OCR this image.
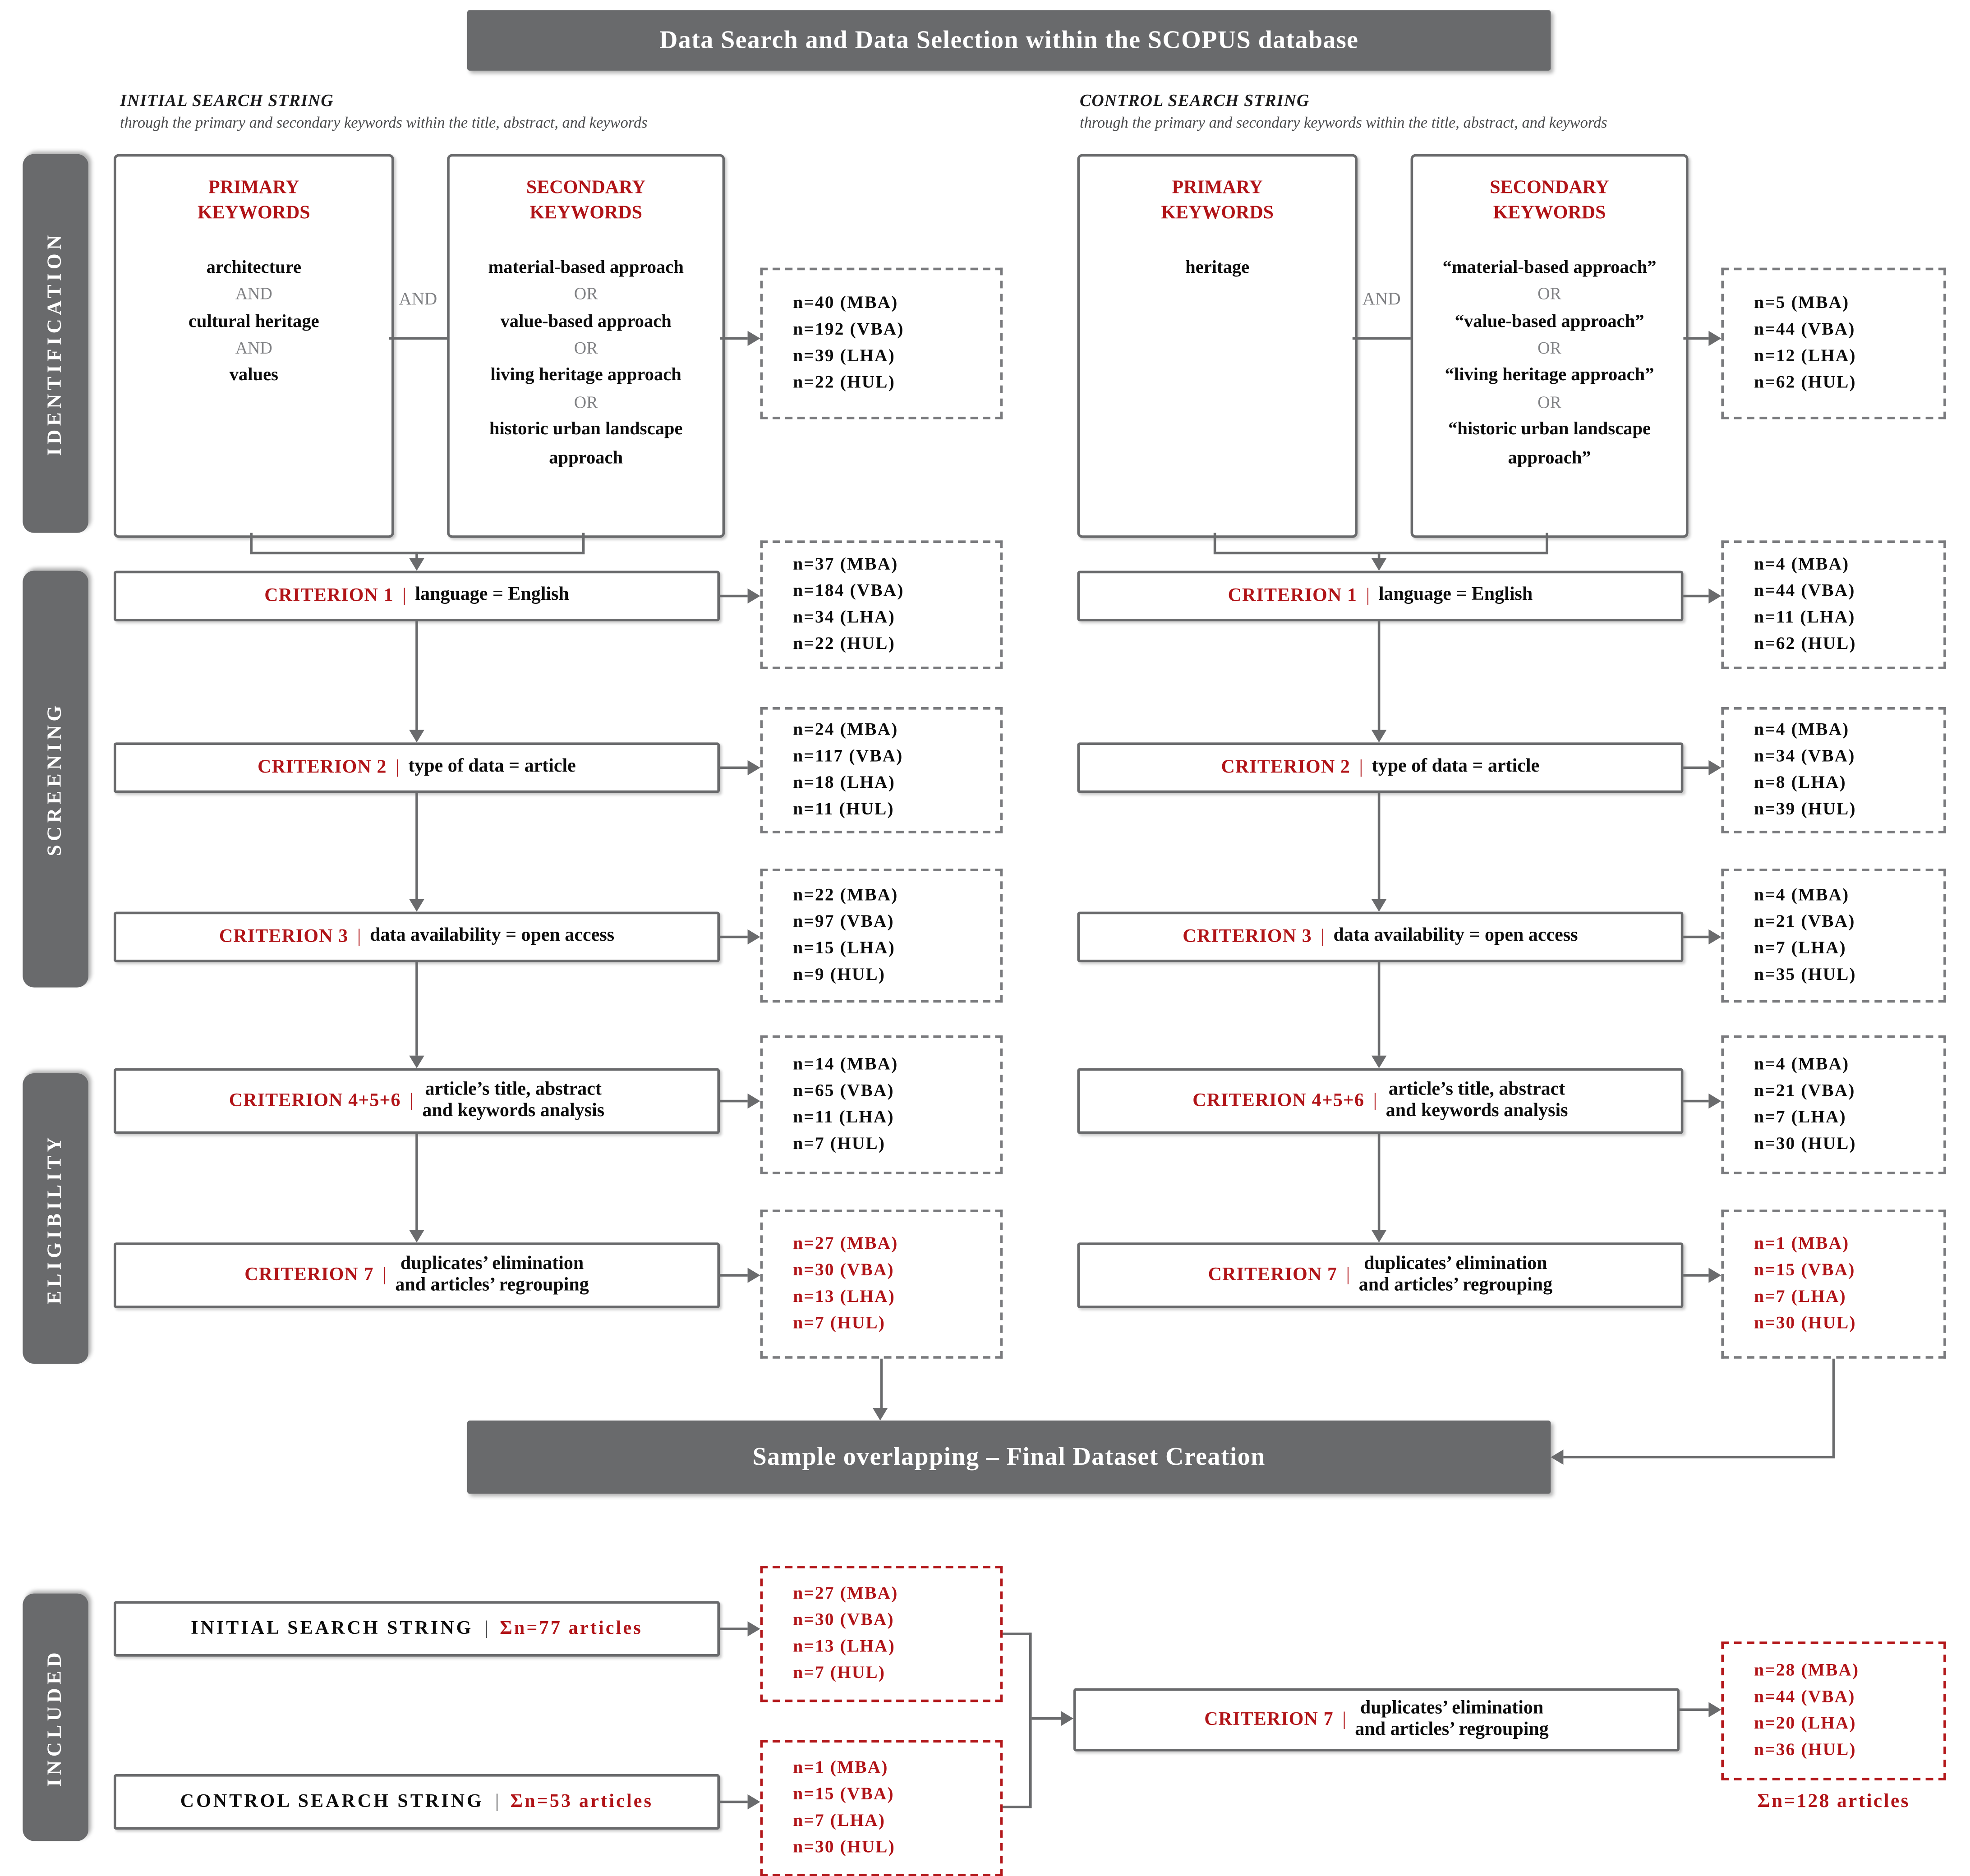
Data Search and Data Selection within the SCOPUS database
IDENTIFICATION
SCREENING
ELIGIBILITY
INCLUDED
INITIAL SEARCH STRING
through the primary and secondary keywords within the title, abstract, and keywords
CONTROL SEARCH STRING
through the primary and secondary keywords within the title, abstract, and keywords
PRIMARY KEYWORDS
architecture
AND
cultural heritage
AND
values
AND
SECONDARY KEYWORDS
material-based approach
OR
value-based approach
OR
living heritage approach
OR
historic urban landscape approach
PRIMARY KEYWORDS
heritage
AND
SECONDARY KEYWORDS
“material-based approach”
OR
“value-based approach”
OR
“living heritage approach”
OR
“historic urban landscape approach”
n=40 (MBA)
n=192 (VBA)
n=39 (LHA)
n=22 (HUL)
n=37 (MBA)
n=184 (VBA)
n=34 (LHA)
n=22 (HUL)
n=24 (MBA)
n=117 (VBA)
n=18 (LHA)
n=11 (HUL)
n=22 (MBA)
n=97 (VBA)
n=15 (LHA)
n=9 (HUL)
n=14 (MBA)
n=65 (VBA)
n=11 (LHA)
n=7 (HUL)
n=27 (MBA)
n=30 (VBA)
n=13 (LHA)
n=7 (HUL)
n=5 (MBA)
n=44 (VBA)
n=12 (LHA)
n=62 (HUL)
n=4 (MBA)
n=44 (VBA)
n=11 (LHA)
n=62 (HUL)
n=4 (MBA)
n=34 (VBA)
n=8 (LHA)
n=39 (HUL)
n=4 (MBA)
n=21 (VBA)
n=7 (LHA)
n=35 (HUL)
n=4 (MBA)
n=21 (VBA)
n=7 (LHA)
n=30 (HUL)
n=1 (MBA)
n=15 (VBA)
n=7 (LHA)
n=30 (HUL)
CRITERION 1 | language = English
CRITERION 2 | type of data = article
CRITERION 3 | data availability = open access
CRITERION 4+5+6 |
article’s title, abstract
and keywords analysis
CRITERION 7 |
duplicates’ elimination
and articles’ regrouping
CRITERION 1 | language = English
CRITERION 2 | type of data = article
CRITERION 3 | data availability = open access
CRITERION 4+5+6 |
article’s title, abstract
and keywords analysis
CRITERION 7 |
duplicates’ elimination
and articles’ regrouping
Sample overlapping – Final Dataset Creation
INITIAL SEARCH STRING | Σn=77 articles
CONTROL SEARCH STRING | Σn=53 articles
n=27 (MBA)
n=30 (VBA)
n=13 (LHA)
n=7 (HUL)
n=1 (MBA)
n=15 (VBA)
n=7 (LHA)
n=30 (HUL)
CRITERION 7 |
duplicates’ elimination
and articles’ regrouping
n=28 (MBA)
n=44 (VBA)
n=20 (LHA)
n=36 (HUL)
Σn=128 articles
